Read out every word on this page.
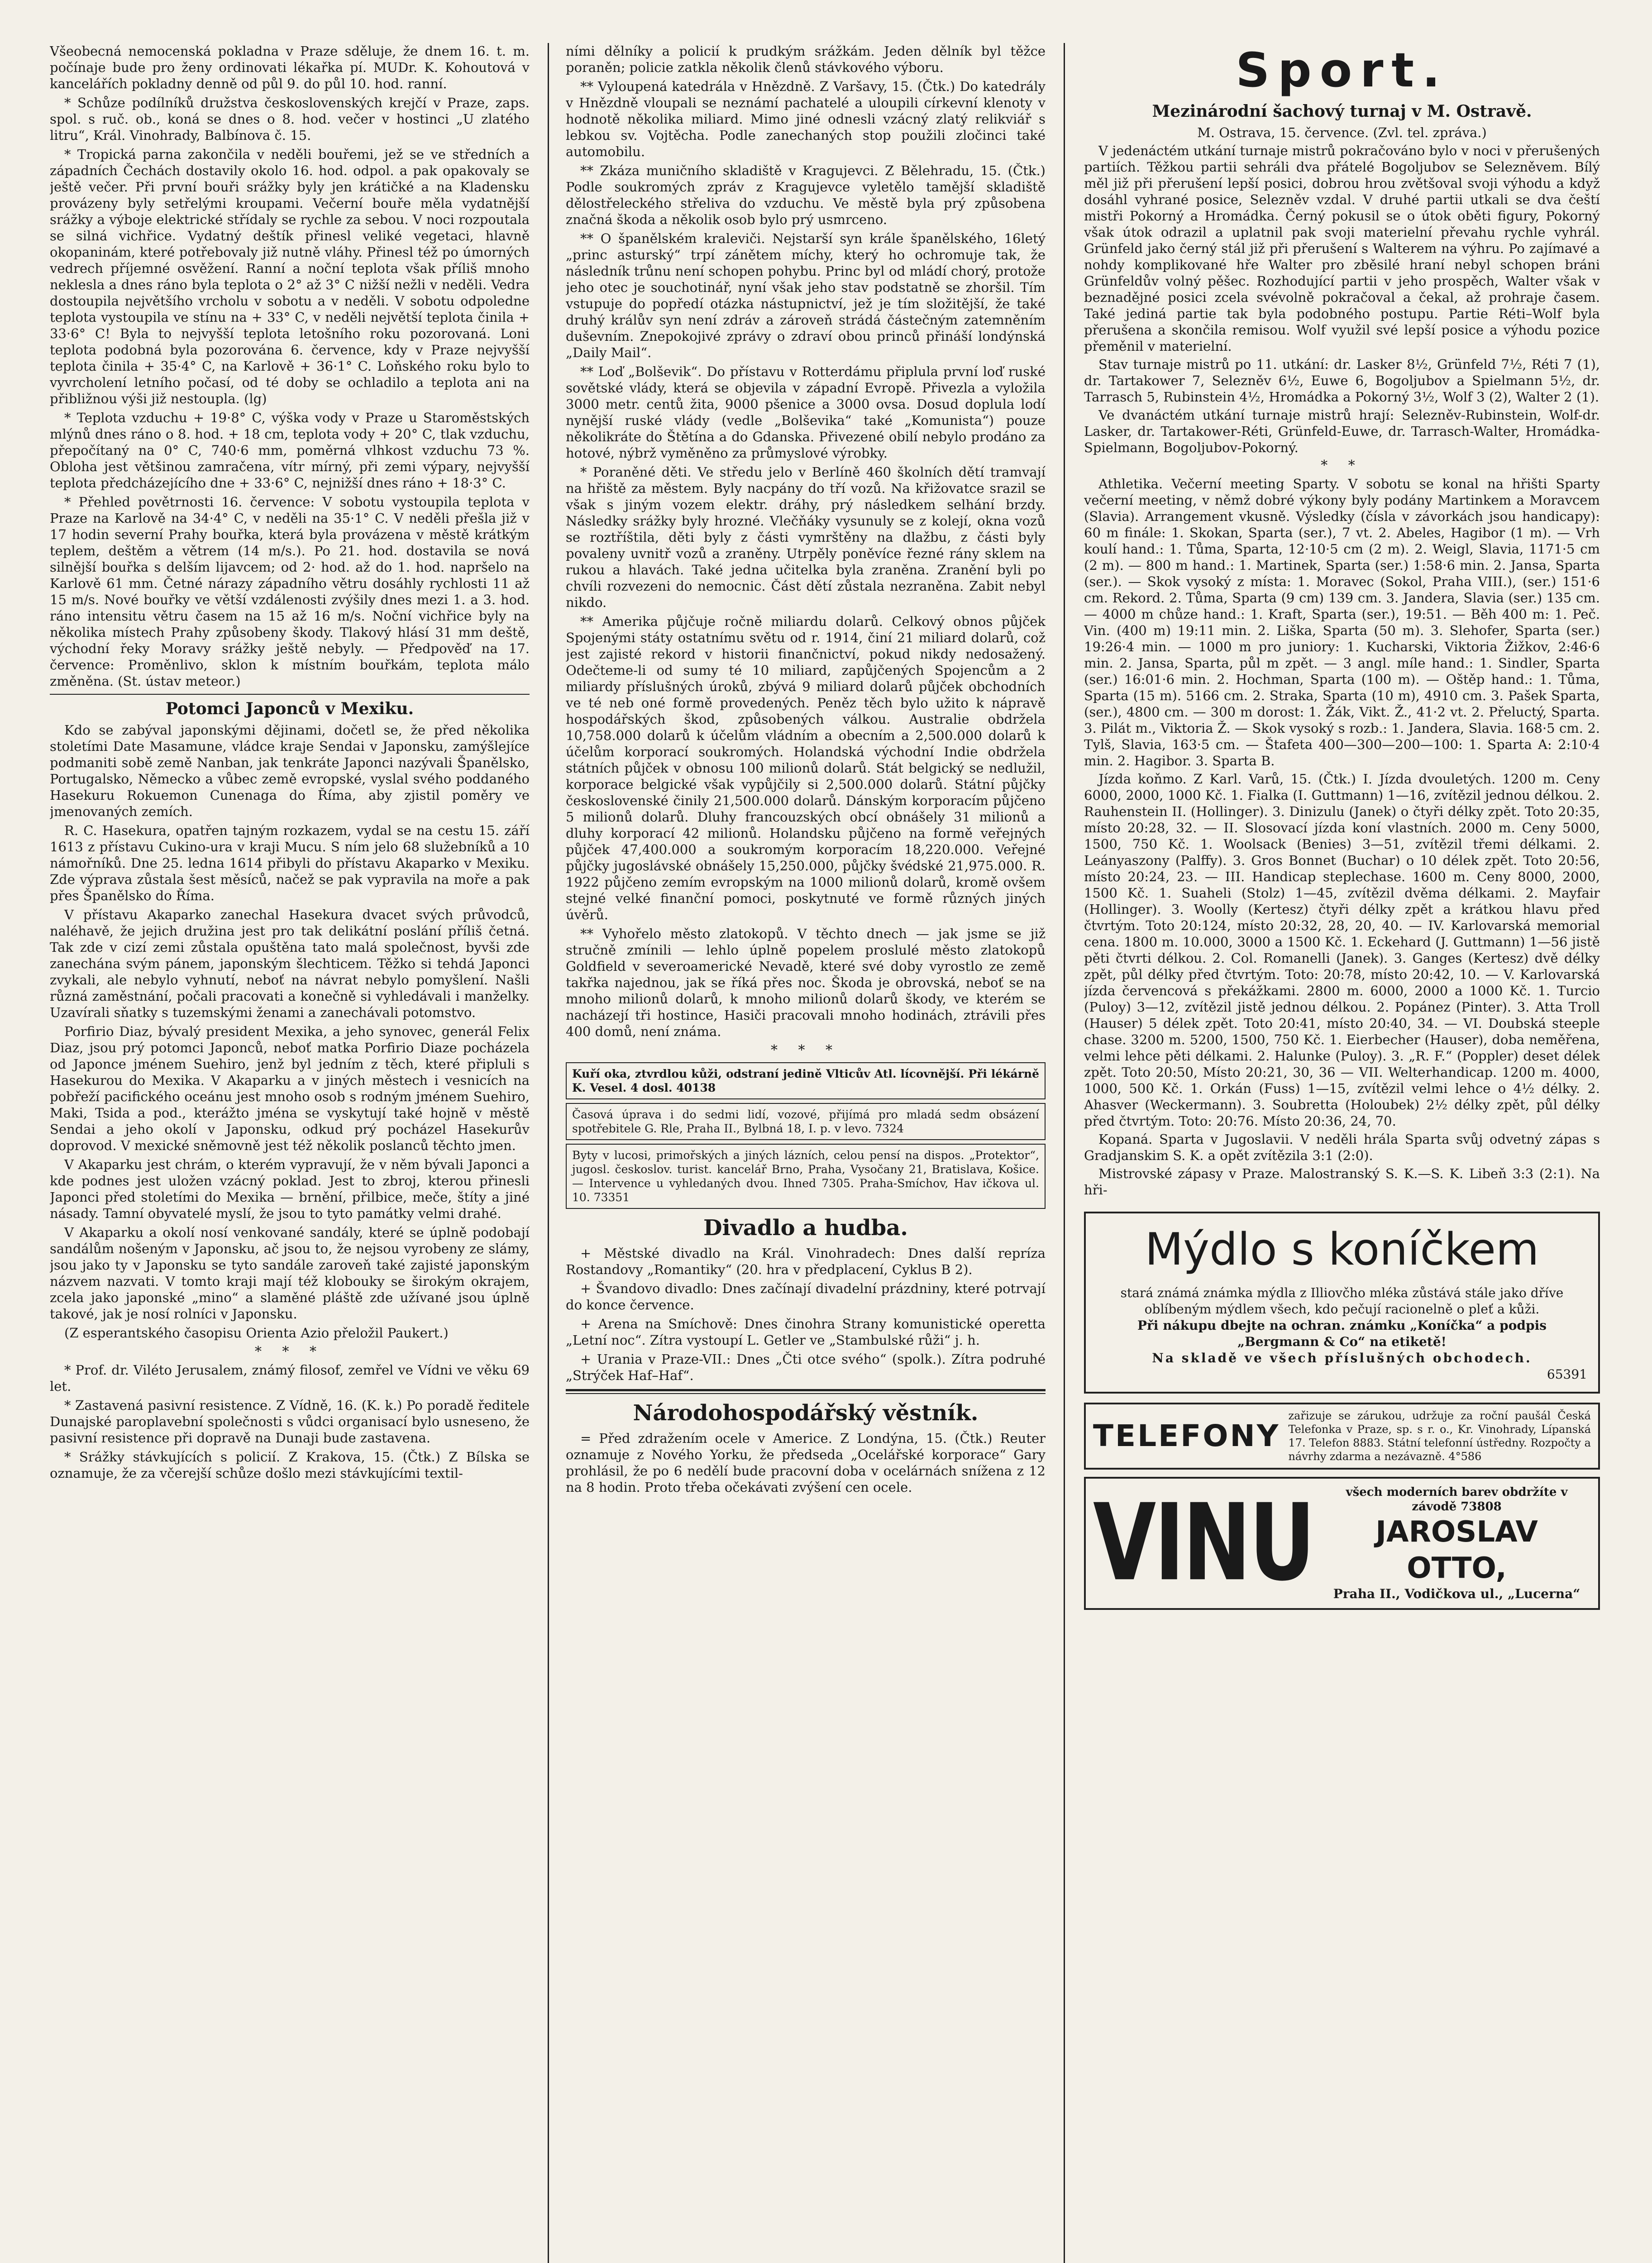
Všeobecná nemocenská pokladna v Praze sděluje, že dnem 16. t. m. počínaje bude pro ženy ordinovati lékařka pí. MUDr. K. Kohoutová v kancelářích pokladny denně od půl 9. do půl 10. hod. ranní.

* Schůze podílníků družstva československých krejčí v Praze, zaps. spol. s ruč. ob., koná se dnes o 8. hod. večer v hostinci „U zlatého litru“, Král. Vinohrady, Balbínova č. 15.

* Tropická parna zakončila v neděli bouřemi, jež se ve středních a západních Čechách dostavily okolo 16. hod. odpol. a pak opakovaly se ještě večer. Při první bouři srážky byly jen krátičké a na Kladensku provázeny byly setřelými kroupami. Večerní bouře měla vydatnější srážky a výboje elektrické střídaly se rychle za sebou. V noci rozpoutala se silná vichřice. Vydatný deštík přinesl veliké vegetaci, hlavně okopaninám, které potřebovaly již nutně vláhy. Přinesl též po úmorných vedrech příjemné osvěžení. Ranní a noční teplota však příliš mnoho neklesla a dnes ráno byla teplota o 2° až 3° C nižší nežli v neděli. Vedra dostoupila největšího vrcholu v sobotu a v neděli. V sobotu odpoledne teplota vystoupila ve stínu na + 33° C, v neděli největší teplota činila + 33·6° C! Byla to nejvyšší teplota letošního roku pozorovaná. Loni teplota podobná byla pozorována 6. července, kdy v Praze nejvyšší teplota činila + 35·4° C, na Karlově + 36·1° C. Loňského roku bylo to vyvrcholení letního počasí, od té doby se ochladilo a teplota ani na přibližnou výši již nestoupla. (lg)

* Teplota vzduchu + 19·8° C, výška vody v Praze u Staroměstských mlýnů dnes ráno o 8. hod. + 18 cm, teplota vody + 20° C, tlak vzduchu, přepočítaný na 0° C, 740·6 mm, poměrná vlhkost vzduchu 73 %. Obloha jest většinou zamračena, vítr mírný, při zemi výpary, nejvyšší teplota předcházejícího dne + 33·6° C, nejnižší dnes ráno + 18·3° C.

* Přehled povětrnosti 16. července: V sobotu vystoupila teplota v Praze na Karlově na 34·4° C, v neděli na 35·1° C. V neděli přešla již v 17 hodin severní Prahy bouřka, která byla provázena v městě krátkým teplem, deštěm a větrem (14 m/s.). Po 21. hod. dostavila se nová silnější bouřka s delším lijavcem; od 2· hod. až do 1. hod. napršelo na Karlově 61 mm. Četné nárazy západního větru dosáhly rychlosti 11 až 15 m/s. Nové bouřky ve větší vzdálenosti zvýšily dnes mezi 1. a 3. hod. ráno intensitu větru časem na 15 až 16 m/s. Noční vichřice byly na několika místech Prahy způsobeny škody. Tlakový hlásí 31 mm deště, východní řeky Moravy srážky ještě nebyly. — Předpověď na 17. července: Proměnlivo, sklon k místním bouřkám, teplota málo změněna. (St. ústav meteor.)

Potomci Japonců v Mexiku.

Kdo se zabýval japonskými dějinami, dočetl se, že před několika stoletími Date Masamune, vládce kraje Sendai v Japonsku, zamýšlejíce podmaniti sobě země Nanban, jak tenkráte Japonci nazývali Španělsko, Portugalsko, Německo a vůbec země evropské, vyslal svého poddaného Hasekuru Rokuemon Cunenaga do Říma, aby zjistil poměry ve jmenovaných zemích.

R. C. Hasekura, opatřen tajným rozkazem, vydal se na cestu 15. září 1613 z přístavu Cukino-ura v kraji Mucu. S ním jelo 68 služebníků a 10 námořníků. Dne 25. ledna 1614 přibyli do přístavu Akaparko v Mexiku. Zde výprava zůstala šest měsíců, načež se pak vypravila na moře a pak přes Španělsko do Říma.

V přístavu Akaparko zanechal Hasekura dvacet svých průvodců, naléhavě, že jejich družina jest pro tak delikátní poslání příliš četná. Tak zde v cizí zemi zůstala opuštěna tato malá společnost, byvši zde zanechána svým pánem, japonským šlechticem. Těžko si tehdá Japonci zvykali, ale nebylo vyhnutí, neboť na návrat nebylo pomyšlení. Našli různá zaměstnání, počali pracovati a konečně si vyhledávali i manželky. Uzavírali sňatky s tuzemskými ženami a zanechávali potomstvo.

Porfirio Diaz, bývalý president Mexika, a jeho synovec, generál Felix Diaz, jsou prý potomci Japonců, neboť matka Porfirio Diaze pocházela od Japonce jménem Suehiro, jenž byl jedním z těch, které připluli s Hasekurou do Mexika. V Akaparku a v jiných městech i vesnicích na pobřeží pacifického oceánu jest mnoho osob s rodným jménem Suehiro, Maki, Tsida a pod., kterážto jména se vyskytují také hojně v městě Sendai a jeho okolí v Japonsku, odkud prý pocházel Hasekurův doprovod. V mexické sněmovně jest též několik poslanců těchto jmen.

V Akaparku jest chrám, o kterém vypravují, že v něm bývali Japonci a kde podnes jest uložen vzácný poklad. Jest to zbroj, kterou přinesli Japonci před stoletími do Mexika — brnění, přilbice, meče, štíty a jiné násady. Tamní obyvatelé myslí, že jsou to tyto památky velmi drahé.

V Akaparku a okolí nosí venkované sandály, které se úplně podobají sandálům nošeným v Japonsku, ač jsou to, že nejsou vyrobeny ze slámy, jsou jako ty v Japonsku se tyto sandále zaroveň také zajisté japonským názvem nazvati. V tomto kraji mají též klobouky se širokým okrajem, zcela jako japonské „mino“ a slaměné pláště zde užívané jsou úplně takové, jak je nosí rolníci v Japonsku.

(Z esperantského časopisu Orienta Azio přeložil Paukert.)

* * *

* Prof. dr. Viléto Jerusalem, známý filosof, zemřel ve Vídni ve věku 69 let.

* Zastavená pasivní resistence. Z Vídně, 16. (K. k.) Po poradě ředitele Dunajské paroplavební společnosti s vůdci organisací bylo usneseno, že pasivní resistence při dopravě na Dunaji bude zastavena.

* Srážky stávkujících s policií. Z Krakova, 15. (Čtk.) Z Bílska se oznamuje, že za včerejší schůze došlo mezi stávkujícími textil-

ními dělníky a policií k prudkým srážkám. Jeden dělník byl těžce poraněn; policie zatkla několik členů stávkového výboru.

** Vyloupená katedrála v Hnězdně. Z Varšavy, 15. (Čtk.) Do katedrály v Hnězdně vloupali se neznámí pachatelé a uloupili církevní klenoty v hodnotě několika miliard. Mimo jiné odnesli vzácný zlatý relikviář s lebkou sv. Vojtěcha. Podle zanechaných stop použili zločinci také automobilu.

** Zkáza muničního skladiště v Kragujevci. Z Bělehradu, 15. (Čtk.) Podle soukromých zpráv z Kragujevce vyletělo tamější skladiště dělostřeleckého střeliva do vzduchu. Ve městě byla prý způsobena značná škoda a několik osob bylo prý usmrceno.

** O španělském kraleviči. Nejstarší syn krále španělského, 16letý „princ asturský“ trpí zánětem míchy, který ho ochromuje tak, že následník trůnu není schopen pohybu. Princ byl od mládí chorý, protože jeho otec je souchotinář, nyní však jeho stav podstatně se zhoršil. Tím vstupuje do popředí otázka nástupnictví, jež je tím složitější, že také druhý králův syn není zdráv a zároveň strádá částečným zatemněním duševním. Znepokojivé zprávy o zdraví obou princů přináší londýnská „Daily Mail“.

** Loď „Bolševik“. Do přístavu v Rotterdámu připlula první loď ruské sovětské vlády, která se objevila v západní Evropě. Přivezla a vyložila 3000 metr. centů žita, 9000 pšenice a 3000 ovsa. Dosud doplula lodí nynější ruské vlády (vedle „Bolševika“ také „Komunista“) pouze několikráte do Štětína a do Gdanska. Přivezené obilí nebylo prodáno za hotové, nýbrž vyměněno za průmyslové výrobky.

* Poraněné děti. Ve středu jelo v Berlíně 460 školních dětí tramvají na hřiště za městem. Byly nacpány do tří vozů. Na křižovatce srazil se však s jiným vozem elektr. dráhy, prý následkem selhání brzdy. Následky srážky byly hrozné. Vlečňáky vysunuly se z kolejí, okna vozů se roztříštila, děti byly z části vymrštěny na dlažbu, z části byly povaleny uvnitř vozů a zraněny. Utrpěly poněvíce řezné rány sklem na rukou a hlavách. Také jedna učitelka byla zraněna. Zranění byli po chvíli rozvezeni do nemocnic. Část dětí zůstala nezraněna. Zabit nebyl nikdo.

** Amerika půjčuje ročně miliardu dolarů. Celkový obnos půjček Spojenými státy ostatnímu světu od r. 1914, činí 21 miliard dolarů, což jest zajisté rekord v historii finančnictví, pokud nikdy nedosažený. Odečteme-li od sumy té 10 miliard, zapůjčených Spojencům a 2 miliardy příslušných úroků, zbývá 9 miliard dolarů půjček obchodních ve té neb oné formě provedených. Peněz těch bylo užito k nápravě hospodářských škod, způsobených válkou. Australie obdržela 10,758.000 dolarů k účelům vládním a obecním a 2,500.000 dolarů k účelům korporací soukromých. Holandská východní Indie obdržela státních půjček v obnosu 100 milionů dolarů. Stát belgický se nedlužil, korporace belgické však vypůjčily si 2,500.000 dolarů. Státní půjčky československé činily 21,500.000 dolarů. Dánským korporacím půjčeno 5 milionů dolarů. Dluhy francouzských obcí obnášely 31 milionů a dluhy korporací 42 milionů. Holandsku půjčeno na formě veřejných půjček 47,400.000 a soukromým korporacím 18,220.000. Veřejné půjčky jugoslávské obnášely 15,250.000, půjčky švédské 21,975.000. R. 1922 půjčeno zemím evropským na 1000 milionů dolarů, kromě ovšem stejné velké finanční pomoci, poskytnuté ve formě různých jiných úvěrů.

** Vyhořelo město zlatokopů. V těchto dnech — jak jsme se již stručně zmínili — lehlo úplně popelem proslulé město zlatokopů Goldfield v severoamerické Nevadě, které své doby vyrostlo ze země takřka najednou, jak se říká přes noc. Škoda je obrovská, neboť se na mnoho milionů dolarů, k mnoho milionů dolarů škody, ve kterém se nacházejí tři hostince, Hasiči pracovali mnoho hodinách, ztrávili přes 400 domů, není známa.

* * *
Kuří oka, ztvrdlou kůži, odstraní jedině Vlticův Atl. lícovnější. Při lékárně K. Vesel. 4 dosl. 40138
Časová úprava i do sedmi lidí, vozové, přijímá pro mladá sedm obsázení spotřebitele G. Rle, Praha II., Bylbná 18, I. p. v levo. 7324
Byty v lucosi, primořských a jiných lázních, celou pensí na dispos. „Protektor“, jugosl. českoslov. turist. kancelář Brno, Praha, Vysočany 21, Bratislava, Košice. — Intervence u vyhledaných dvou. Ihned 7305. Praha-Smíchov, Hav ičkova ul. 10. 73351
Divadlo a hudba.

+ Městské divadlo na Král. Vinohradech: Dnes další repríza Rostandovy „Romantiky“ (20. hra v předplacení, Cyklus B 2).

+ Švandovo divadlo: Dnes začínají divadelní prázdniny, které potrvají do konce července.

+ Arena na Smíchově: Dnes činohra Strany komunistické operetta „Letní noc“. Zítra vystoupí L. Getler ve „Stambulské růži“ j. h.

+ Urania v Praze-VII.: Dnes „Čti otce svého“ (spolk.). Zítra podruhé „Strýček Haf–Haf“.

Národohospodářský věstník.

= Před zdražením ocele v Americe. Z Londýna, 15. (Čtk.) Reuter oznamuje z Nového Yorku, že předseda „Ocelářské korporace“ Gary prohlásil, že po 6 nedělí bude pracovní doba v ocelárnách snížena z 12 na 8 hodin. Proto třeba očekávati zvýšení cen ocele.

Sport.
Mezinárodní šachový turnaj v M. Ostravě.

M. Ostrava, 15. července. (Zvl. tel. zpráva.)

V jedenáctém utkání turnaje mistrů pokračováno bylo v noci v přerušených partiích. Těžkou partii sehráli dva přátelé Bogoljubov se Selezněvem. Bílý měl již při přerušení lepší posici, dobrou hrou zvětšoval svoji výhodu a když dosáhl vyhrané posice, Selezněv vzdal. V druhé partii utkali se dva čeští mistři Pokorný a Hromádka. Černý pokusil se o útok oběti figury, Pokorný však útok odrazil a uplatnil pak svoji materielní převahu rychle vyhrál. Grünfeld jako černý stál již při přerušení s Walterem na výhru. Po zajímavé a nohdy komplikované hře Walter pro zběsilé hraní nebyl schopen bráni Grünfeldův volný pěšec. Rozhodující partii v jeho prospěch, Walter však v beznadějné posici zcela svévolně pokračoval a čekal, až prohraje časem. Také jediná partie tak byla podobného postupu. Partie Réti–Wolf byla přerušena a skončila remisou. Wolf využil své lepší posice a výhodu pozice přeměnil v materielní.

Stav turnaje mistrů po 11. utkání: dr. Lasker 8½, Grünfeld 7½, Réti 7 (1), dr. Tartakower 7, Selezněv 6½, Euwe 6, Bogoljubov a Spielmann 5½, dr. Tarrasch 5, Rubinstein 4½, Hromádka a Pokorný 3½, Wolf 3 (2), Walter 2 (1).

Ve dvanáctém utkání turnaje mistrů hrají: Selezněv-Rubinstein, Wolf-dr. Lasker, dr. Tartakower-Réti, Grünfeld-Euwe, dr. Tarrasch-Walter, Hromádka-Spielmann, Bogoljubov-Pokorný.

* *

Athletika. Večerní meeting Sparty. V sobotu se konal na hřišti Sparty večerní meeting, v němž dobré výkony byly podány Martinkem a Moravcem (Slavia). Arrangement vkusně. Výsledky (čísla v závorkách jsou handicapy): 60 m finále: 1. Skokan, Sparta (ser.), 7 vt. 2. Abeles, Hagibor (1 m). — Vrh koulí hand.: 1. Tůma, Sparta, 12·10·5 cm (2 m). 2. Weigl, Slavia, 1171·5 cm (2 m). — 800 m hand.: 1. Martinek, Sparta (ser.) 1:58·6 min. 2. Jansa, Sparta (ser.). — Skok vysoký z místa: 1. Moravec (Sokol, Praha VIII.), (ser.) 151·6 cm. Rekord. 2. Tůma, Sparta (9 cm) 139 cm. 3. Jandera, Slavia (ser.) 135 cm. — 4000 m chůze hand.: 1. Kraft, Sparta (ser.), 19:51. — Běh 400 m: 1. Peč. Vin. (400 m) 19:11 min. 2. Liška, Sparta (50 m). 3. Slehofer, Sparta (ser.) 19:26·4 min. — 1000 m pro juniory: 1. Kucharski, Viktoria Žižkov, 2:46·6 min. 2. Jansa, Sparta, půl m zpět. — 3 angl. míle hand.: 1. Sindler, Sparta (ser.) 16:01·6 min. 2. Hochman, Sparta (100 m). — Oštěp hand.: 1. Tůma, Sparta (15 m). 5166 cm. 2. Straka, Sparta (10 m), 4910 cm. 3. Pašek Sparta, (ser.), 4800 cm. — 300 m dorost: 1. Žák, Vikt. Ž., 41·2 vt. 2. Přeluctý, Sparta. 3. Pilát m., Viktoria Ž. — Skok vysoký s rozb.: 1. Jandera, Slavia. 168·5 cm. 2. Tylš, Slavia, 163·5 cm. — Štafeta 400—300—200—100: 1. Sparta A: 2:10·4 min. 2. Hagibor. 3. Sparta B.

Jízda koňmo. Z Karl. Varů, 15. (Čtk.) I. Jízda dvouletých. 1200 m. Ceny 6000, 2000, 1000 Kč. 1. Fialka (I. Guttmann) 1—16, zvítězil jednou délkou. 2. Rauhenstein II. (Hollinger). 3. Dinizulu (Janek) o čtyři délky zpět. Toto 20:35, místo 20:28, 32. — II. Slosovací jízda koní vlastních. 2000 m. Ceny 5000, 1500, 750 Kč. 1. Woolsack (Benies) 3—51, zvítězil třemi délkami. 2. Leányaszony (Palffy). 3. Gros Bonnet (Buchar) o 10 délek zpět. Toto 20:56, místo 20:24, 23. — III. Handicap steplechase. 1600 m. Ceny 8000, 2000, 1500 Kč. 1. Suaheli (Stolz) 1—45, zvítězil dvěma délkami. 2. Mayfair (Hollinger). 3. Woolly (Kertesz) čtyři délky zpět a krátkou hlavu před čtvrtým. Toto 20:124, místo 20:32, 28, 20, 40. — IV. Karlovarská memorial cena. 1800 m. 10.000, 3000 a 1500 Kč. 1. Eckehard (J. Guttmann) 1—56 jistě pěti čtvrti délkou. 2. Col. Romanelli (Janek). 3. Ganges (Kertesz) dvě délky zpět, půl délky před čtvrtým. Toto: 20:78, místo 20:42, 10. — V. Karlovarská jízda červencová s překážkami. 2800 m. 6000, 2000 a 1000 Kč. 1. Turcio (Puloy) 3—12, zvítězil jistě jednou délkou. 2. Popánez (Pinter). 3. Atta Troll (Hauser) 5 délek zpět. Toto 20:41, místo 20:40, 34. — VI. Doubská steeple chase. 3200 m. 5200, 1500, 750 Kč. 1. Eierbecher (Hauser), doba neměřena, velmi lehce pěti délkami. 2. Halunke (Puloy). 3. „R. F.“ (Poppler) deset délek zpět. Toto 20:50, Místo 20:21, 30, 36 — VII. Welterhandicap. 1200 m. 4000, 1000, 500 Kč. 1. Orkán (Fuss) 1—15, zvítězil velmi lehce o 4½ délky. 2. Ahasver (Weckermann). 3. Soubretta (Holoubek) 2½ délky zpět, půl délky před čtvrtým. Toto: 20:76. Místo 20:36, 24, 70.

Kopaná. Sparta v Jugoslavii. V neděli hrála Sparta svůj odvetný zápas s Gradjanskim S. K. a opět zvítězila 3:1 (2:0).

Mistrovské zápasy v Praze. Malostranský S. K.—S. K. Libeň 3:3 (2:1). Na hři-

Mýdlo s koníčkem
stará známá známka mýdla z Illiovčho mléka zůstává stále jako dříve oblíbeným mýdlem všech, kdo pečují racionelně o pleť a kůži.
Při nákupu dbejte na ochran. známku „Koníčka“ a podpis „Bergmann & Co“ na etiketě!
Na skladě ve všech příslušných obchodech.
65391
TELEFONY
zařizuje se zárukou, udržuje za roční paušál Česká Telefonka v Praze, sp. s r. o., Kr. Vinohrady, Lípanská 17. Telefon 8883. Státní telefonní ústředny. Rozpočty a návrhy zdarma a nezávazně. 4°586
VINU	všech moderních barev obdržíte v závodě 73808
JAROSLAV OTTO,
Praha II., Vodičkova ul., „Lucerna“
